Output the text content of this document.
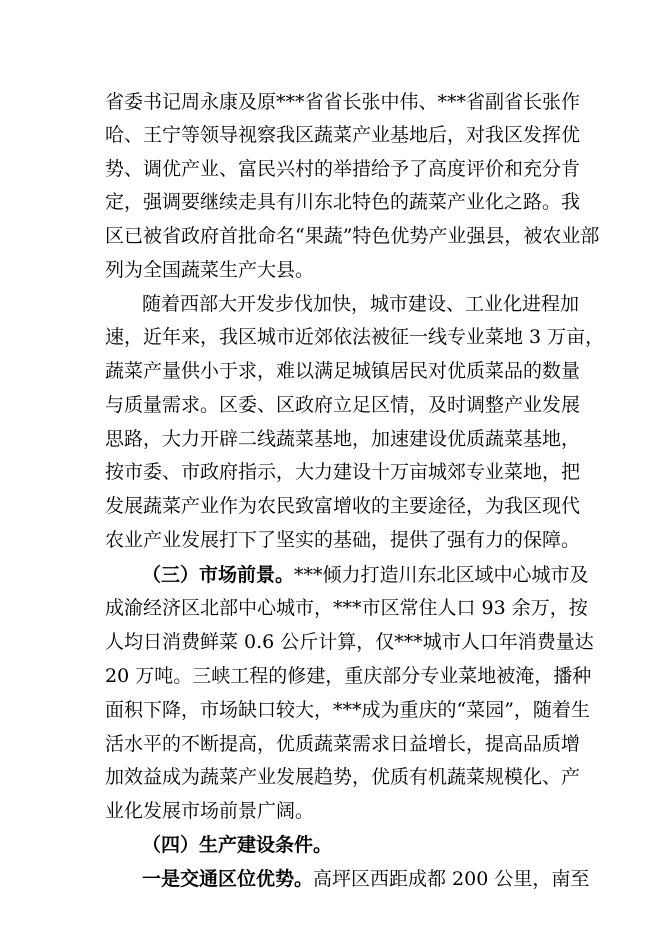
省委书记周永康及原***省省长张中伟、***省副省长张作
哈、王宁等领导视察我区蔬菜产业基地后，对我区发挥优
势、调优产业、富民兴村的举措给予了高度评价和充分肯
定，强调要继续走具有川东北特色的蔬菜产业化之路。我
区已被省政府首批命名“果蔬”特色优势产业强县，被农业部
列为全国蔬菜生产大县。
随着西部大开发步伐加快，城市建设、工业化进程加
速，近年来，我区城市近郊依法被征一线专业菜地 3 万亩，
蔬菜产量供小于求，难以满足城镇居民对优质菜品的数量
与质量需求。区委、区政府立足区情，及时调整产业发展
思路，大力开辟二线蔬菜基地，加速建设优质蔬菜基地，
按市委、市政府指示，大力建设十万亩城郊专业菜地，把
发展蔬菜产业作为农民致富增收的主要途径，为我区现代
农业产业发展打下了坚实的基础，提供了强有力的保障。
（三）市场前景。***倾力打造川东北区域中心城市及
成渝经济区北部中心城市，***市区常住人口 93 余万，按
人均日消费鲜菜 0.6 公斤计算，仅***城市人口年消费量达
20 万吨。三峡工程的修建，重庆部分专业菜地被淹，播种
面积下降，市场缺口较大，***成为重庆的“菜园”，随着生
活水平的不断提高，优质蔬菜需求日益增长，提高品质增
加效益成为蔬菜产业发展趋势，优质有机蔬菜规模化、产
业化发展市场前景广阔。
（四）生产建设条件。
一是交通区位优势。高坪区西距成都 200 公里，南至
